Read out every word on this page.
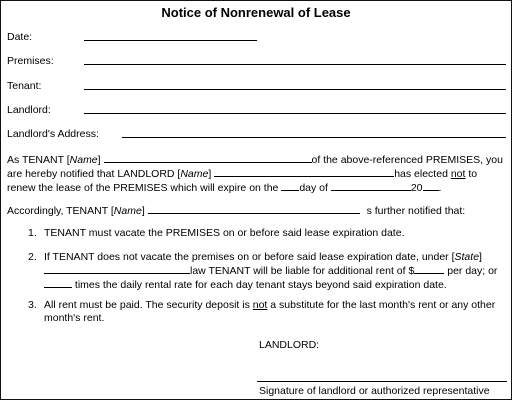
Notice of Nonrenewal of Lease
Date:
Premises:
Tenant:
Landlord:
Landlord's Address:
As TENANT [Name]	of the above-referenced PREMISES, you
are hereby notified that LANDLORD [Name]	has elected not to
renew the lease of the PREMISES which will expire on the day of	20 .
Accordingly, TENANT [Name]	s further notified that:
1. TENANT must vacate the PREMISES on or before said lease expiration date.
2. If TENANT does not vacate the premises on or before said lease expiration date, under [State]
law TENANT will be liable for additional rent of $	per day; or
times the daily rental rate for each day tenant stays beyond said expiration date.
3. All rent must be paid. The security deposit is not a substitute for the last month's rent or any other
month's rent.
LANDLORD:
Signature of landlord or authorized representative
